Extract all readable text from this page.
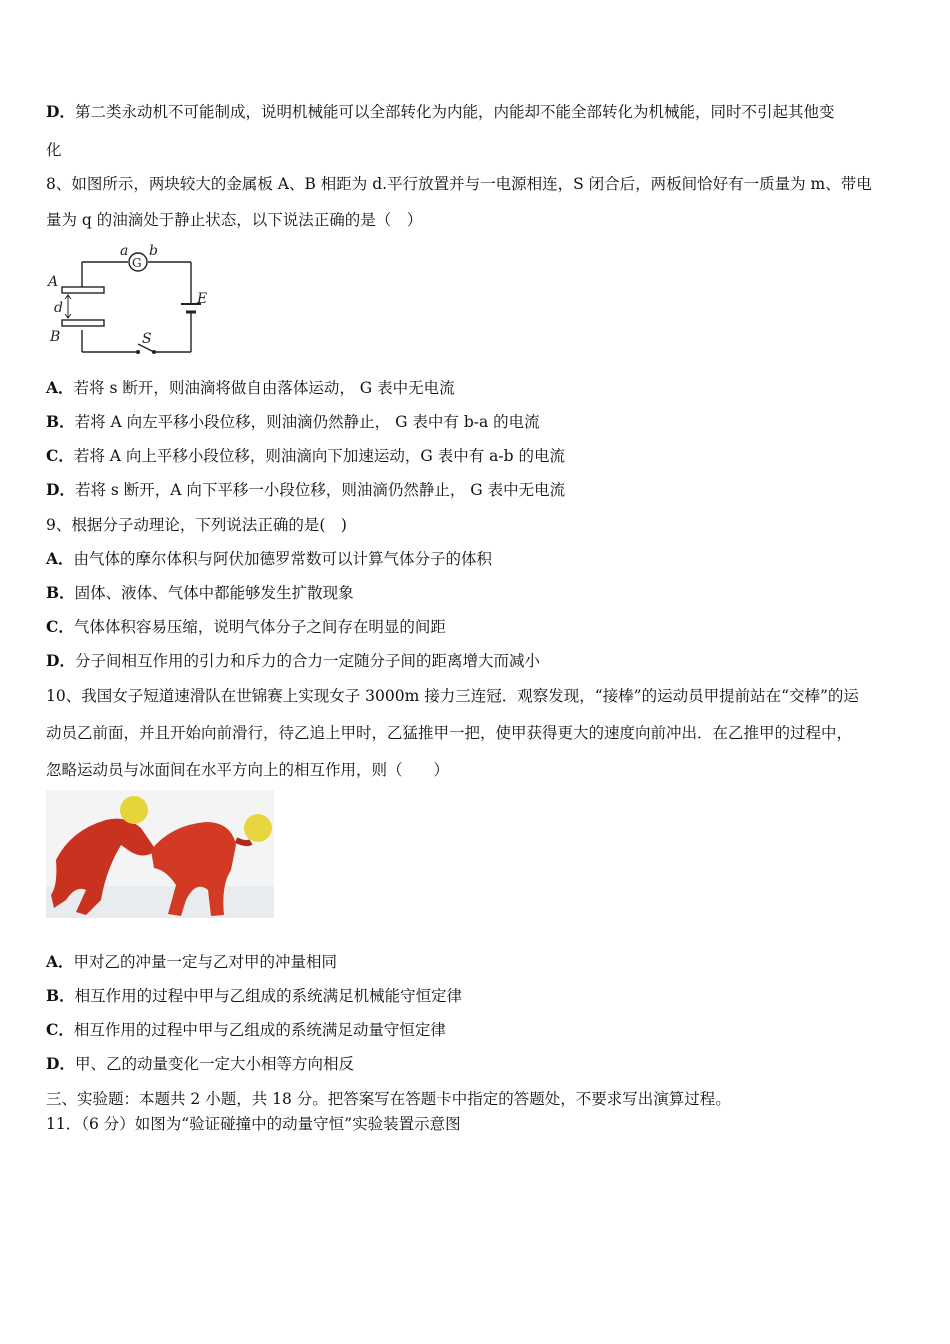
D．第二类永动机不可能制成，说明机械能可以全部转化为内能，内能却不能全部转化为机械能，同时不引起其他变
化
8、如图所示，两块较大的金属板 A、B 相距为 d.平行放置并与一电源相连，S 闭合后，两板间恰好有一质量为 m、带电
量为 q 的油滴处于静止状态，以下说法正确的是（　）
a b
G
A
d
B
E
S
A．若将 s 断开，则油滴将做自由落体运动， G 表中无电流
B．若将 A 向左平移小段位移，则油滴仍然静止， G 表中有 b-a 的电流
C．若将 A 向上平移小段位移，则油滴向下加速运动，G 表中有 a-b 的电流
D．若将 s 断开，A 向下平移一小段位移，则油滴仍然静止， G 表中无电流
9、根据分子动理论，下列说法正确的是(　)
A．由气体的摩尔体积与阿伏加德罗常数可以计算气体分子的体积
B．固体、液体、气体中都能够发生扩散现象
C．气体体积容易压缩，说明气体分子之间存在明显的间距
D．分子间相互作用的引力和斥力的合力一定随分子间的距离增大而减小
10、我国女子短道速滑队在世锦赛上实现女子 3000m 接力三连冠．观察发现，“接棒”的运动员甲提前站在“交棒”的运
动员乙前面，并且开始向前滑行，待乙追上甲时，乙猛推甲一把，使甲获得更大的速度向前冲出．在乙推甲的过程中，
忽略运动员与冰面间在水平方向上的相互作用，则（　　）
A．甲对乙的冲量一定与乙对甲的冲量相同
B．相互作用的过程中甲与乙组成的系统满足机械能守恒定律
C．相互作用的过程中甲与乙组成的系统满足动量守恒定律
D．甲、乙的动量变化一定大小相等方向相反
三、实验题：本题共 2 小题，共 18 分。把答案写在答题卡中指定的答题处，不要求写出演算过程。
11．（6 分）如图为“验证碰撞中的动量守恒”实验装置示意图
